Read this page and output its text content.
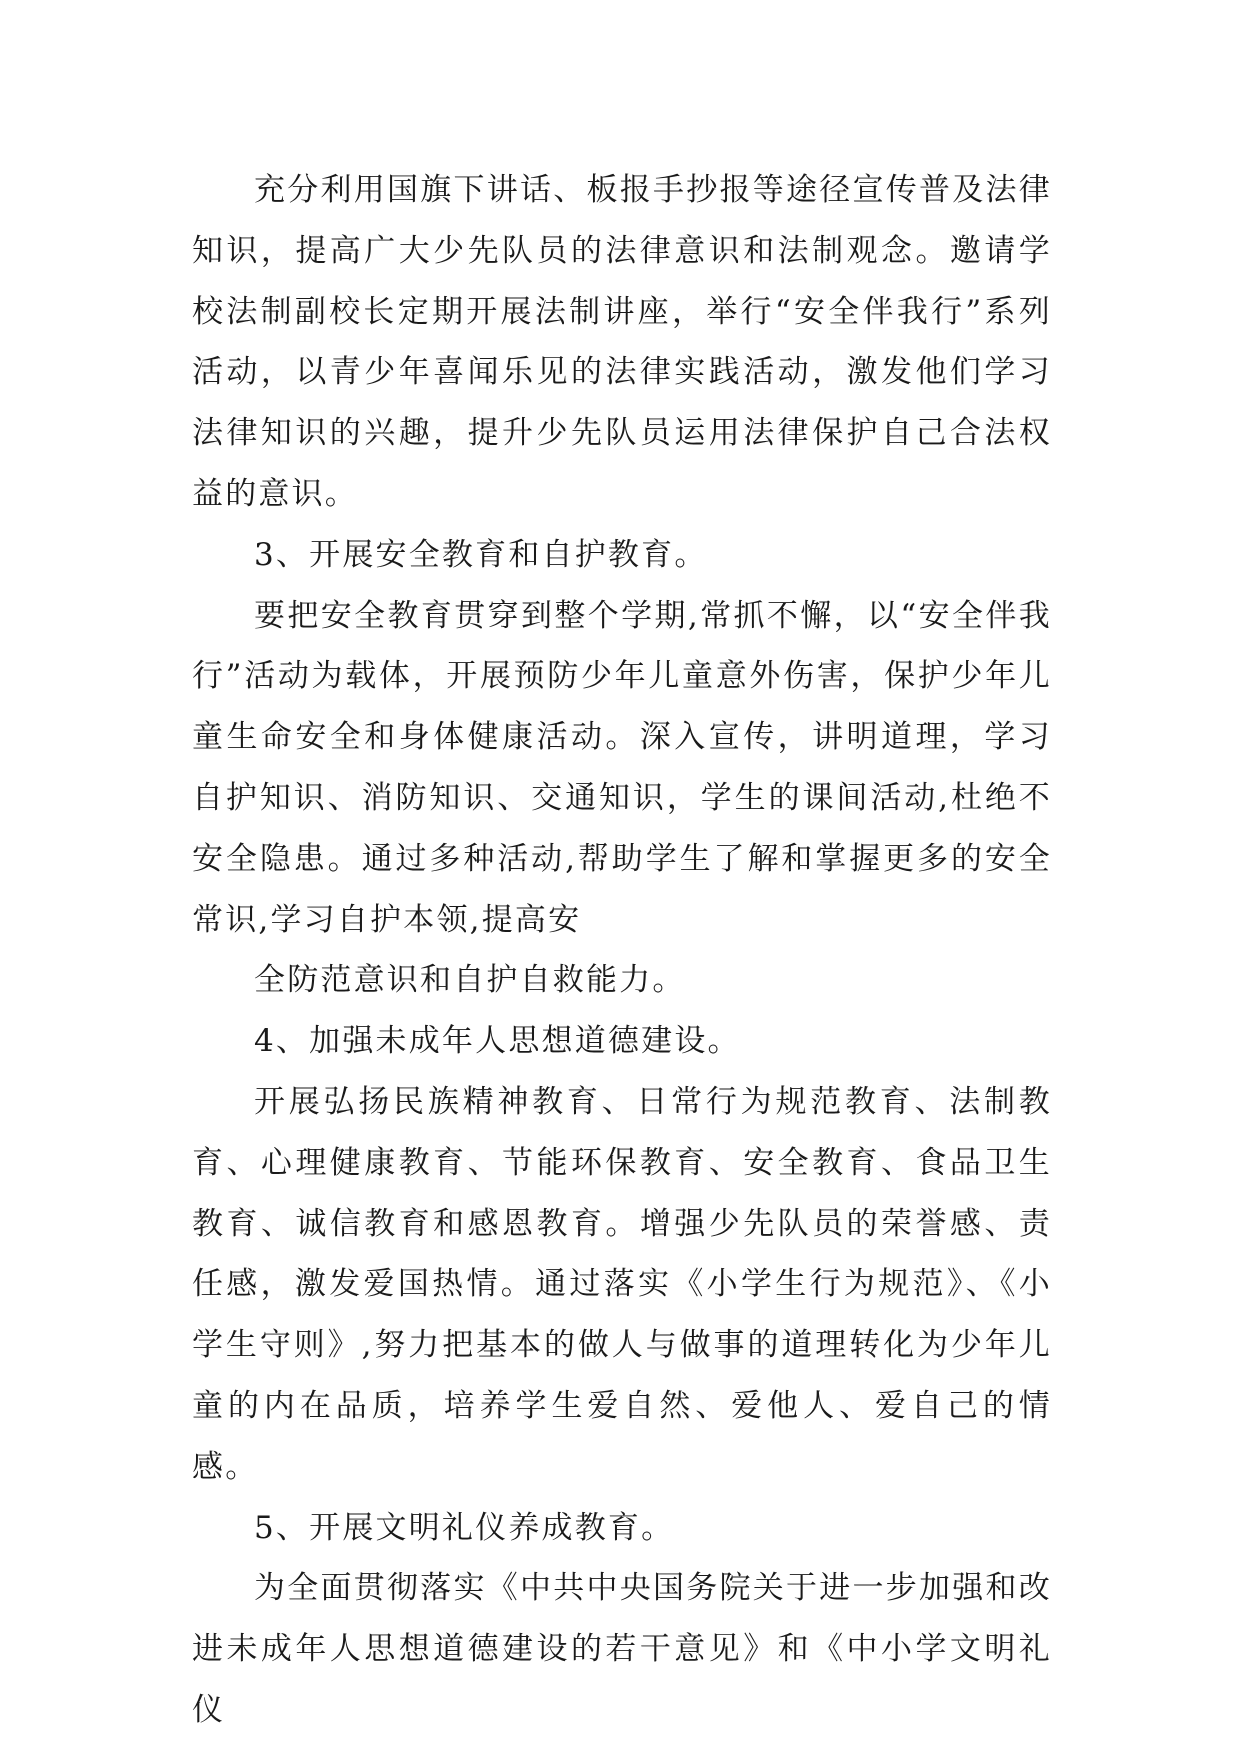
充分利用国旗下讲话、板报手抄报等途径宣传普及法律知识，提高广大少先队员的法律意识和法制观念。邀请学校法制副校长定期开展法制讲座，举行“安全伴我行”系列活动，以青少年喜闻乐见的法律实践活动，激发他们学习法律知识的兴趣，提升少先队员运用法律保护自己合法权益的意识。

3、开展安全教育和自护教育。

要把安全教育贯穿到整个学期,常抓不懈，以“安全伴我行”活动为载体，开展预防少年儿童意外伤害，保护少年儿童生命安全和身体健康活动。深入宣传，讲明道理，学习自护知识、消防知识、交通知识，学生的课间活动,杜绝不安全隐患。通过多种活动,帮助学生了解和掌握更多的安全常识,学习自护本领,提高安

全防范意识和自护自救能力。

4、加强未成年人思想道德建设。

开展弘扬民族精神教育、日常行为规范教育、法制教育、心理健康教育、节能环保教育、安全教育、食品卫生教育、诚信教育和感恩教育。增强少先队员的荣誉感、责任感，激发爱国热情。通过落实《小学生行为规范》、《小学生守则》,努力把基本的做人与做事的道理转化为少年儿童的内在品质，培养学生爱自然、爱他人、爱自己的情感。

5、开展文明礼仪养成教育。

为全面贯彻落实《中共中央国务院关于进一步加强和改进未成年人思想道德建设的若干意见》和《中小学文明礼仪
